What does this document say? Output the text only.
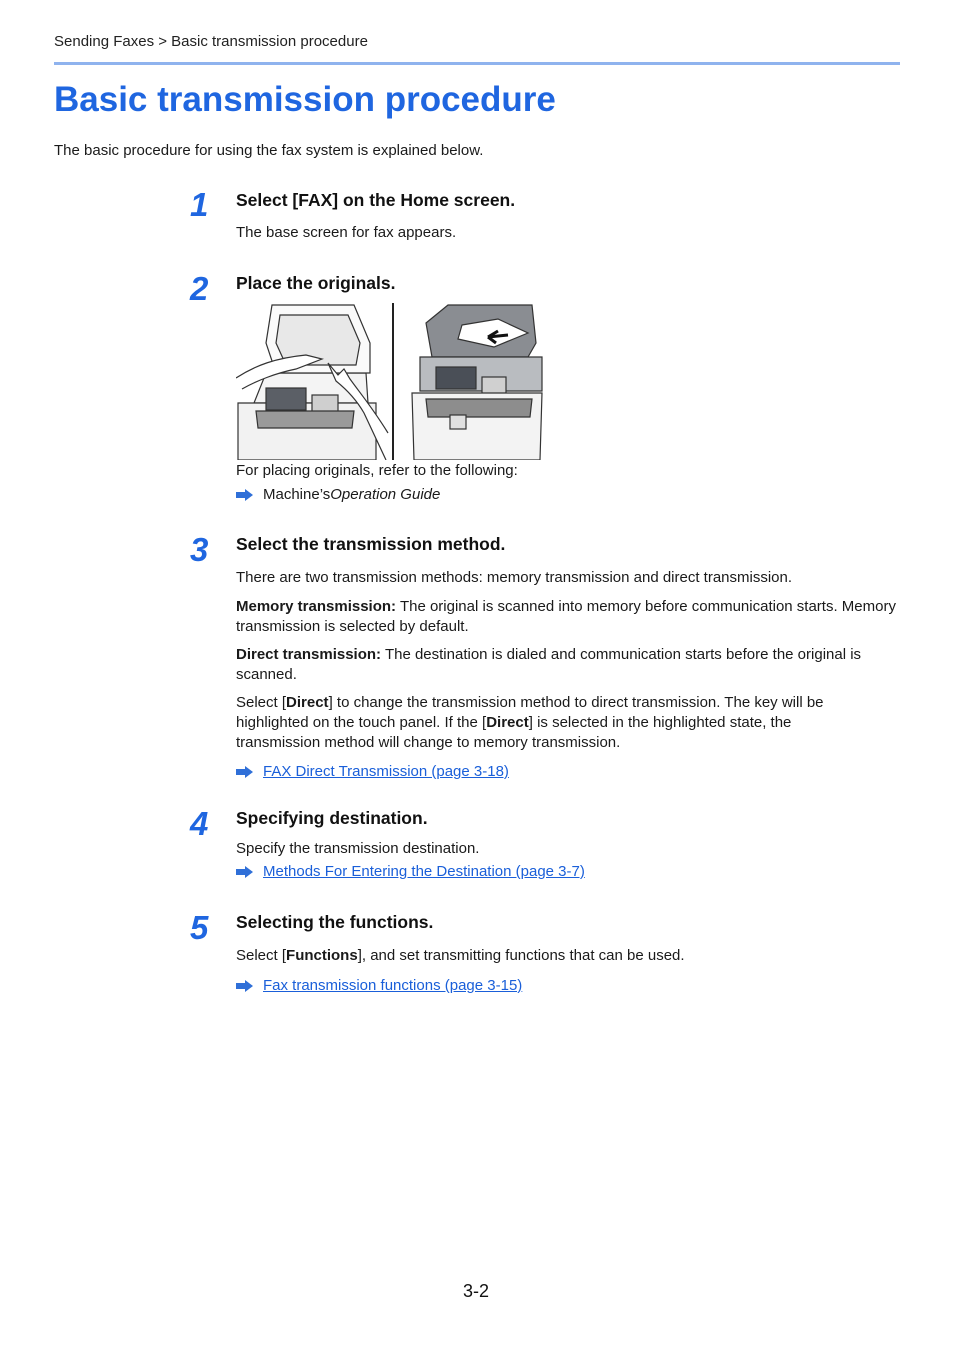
Sending Faxes > Basic transmission procedure
Basic transmission procedure
The basic procedure for using the fax system is explained below.
1	Select [FAX] on the Home screen.
The base screen for fax appears.
2	Place the originals.
For placing originals, refer to the following:
Machine’s Operation Guide
3	Select the transmission method.
There are two transmission methods: memory transmission and direct transmission.
Memory transmission: The original is scanned into memory before communication starts. Memory transmission is selected by default.
Direct transmission: The destination is dialed and communication starts before the original is scanned.
Select [Direct] to change the transmission method to direct transmission. The key will be highlighted on the touch panel. If the [Direct] is selected in the highlighted state, the transmission method will change to memory transmission.
FAX Direct Transmission (page 3-18)
4	Specifying destination.
Specify the transmission destination.
Methods For Entering the Destination (page 3-7)
5	Selecting the functions.
Select [Functions], and set transmitting functions that can be used.
Fax transmission functions (page 3-15)
3-2
